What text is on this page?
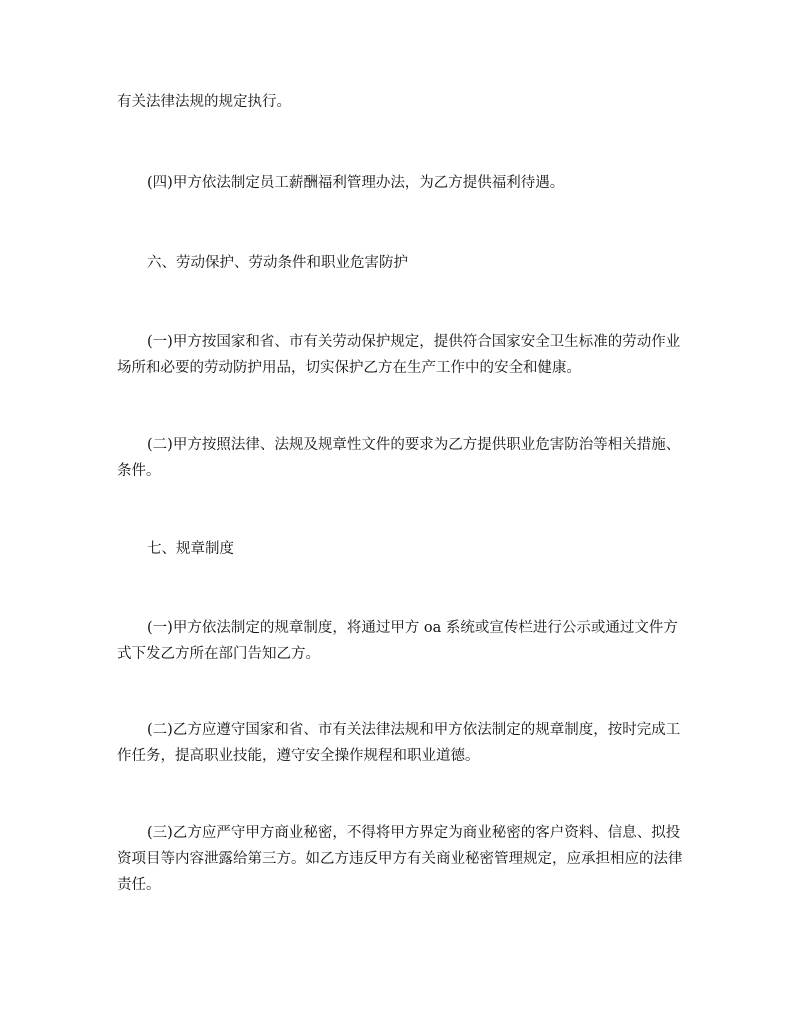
有关法律法规的规定执行。

(四)甲方依法制定员工薪酬福利管理办法，为乙方提供福利待遇。

六、劳动保护、劳动条件和职业危害防护

(一)甲方按国家和省、市有关劳动保护规定，提供符合国家安全卫生标准的劳动作业场所和必要的劳动防护用品，切实保护乙方在生产工作中的安全和健康。

(二)甲方按照法律、法规及规章性文件的要求为乙方提供职业危害防治等相关措施、条件。

七、规章制度

(一)甲方依法制定的规章制度，将通过甲方 oa 系统或宣传栏进行公示或通过文件方式下发乙方所在部门告知乙方。

(二)乙方应遵守国家和省、市有关法律法规和甲方依法制定的规章制度，按时完成工作任务，提高职业技能，遵守安全操作规程和职业道德。

(三)乙方应严守甲方商业秘密，不得将甲方界定为商业秘密的客户资料、信息、拟投资项目等内容泄露给第三方。如乙方违反甲方有关商业秘密管理规定，应承担相应的法律责任。
